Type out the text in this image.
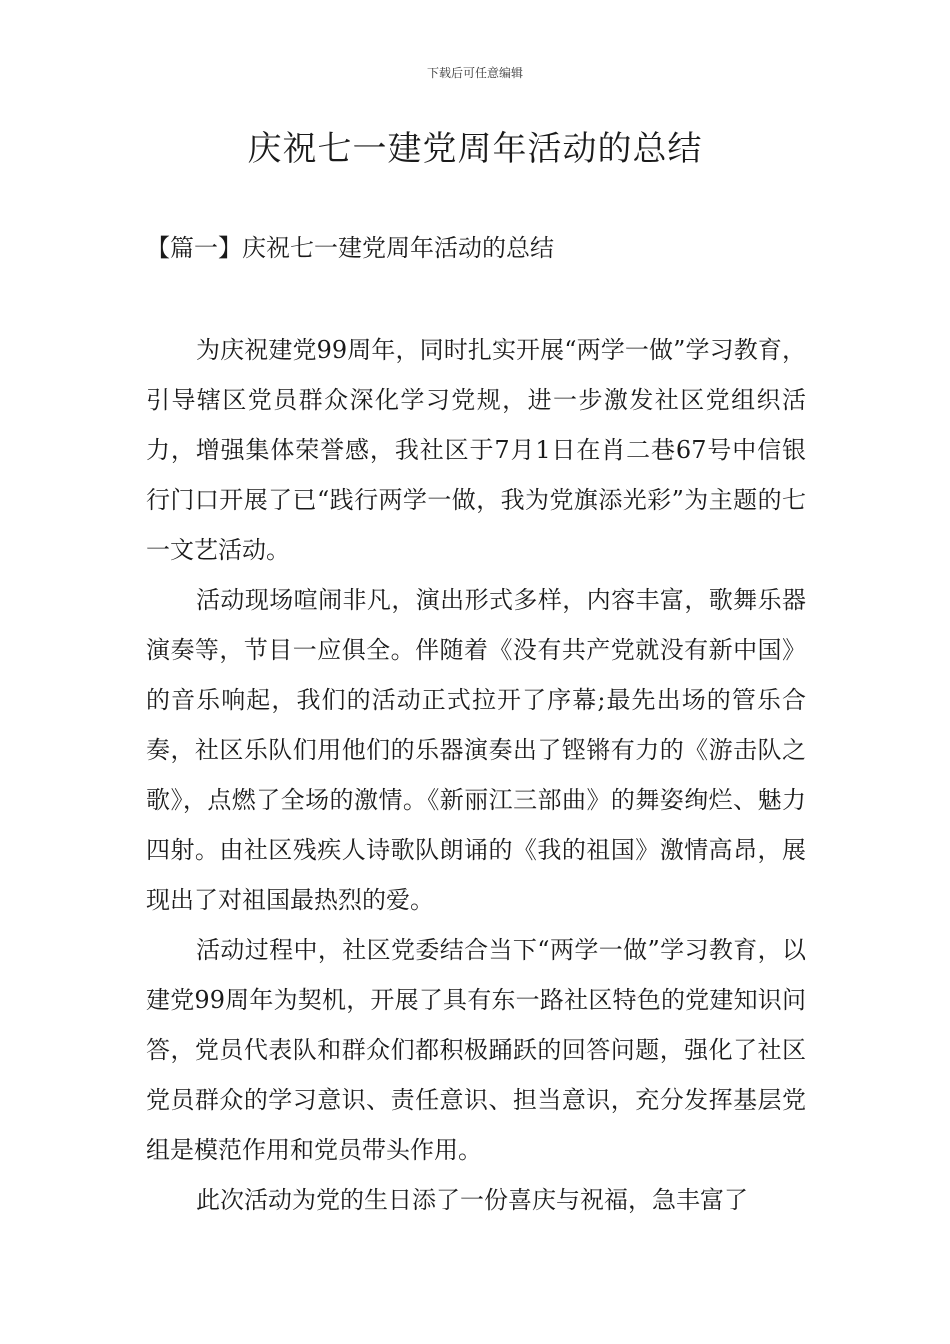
下载后可任意编辑
庆祝七一建党周年活动的总结
【篇一】庆祝七一建党周年活动的总结

为庆祝建党99周年，同时扎实开展“两学一做”学习教育，引导辖区党员群众深化学习党规，进一步激发社区党组织活力，增强集体荣誉感，我社区于7月1日在肖二巷67号中信银行门口开展了已“践行两学一做，我为党旗添光彩”为主题的七一文艺活动。

活动现场喧闹非凡，演出形式多样，内容丰富，歌舞乐器演奏等，节目一应俱全。伴随着《没有共产党就没有新中国》的音乐响起，我们的活动正式拉开了序幕;最先出场的管乐合奏，社区乐队们用他们的乐器演奏出了铿锵有力的《游击队之歌》，点燃了全场的激情。《新丽江三部曲》的舞姿绚烂、魅力四射。由社区残疾人诗歌队朗诵的《我的祖国》激情高昂，展现出了对祖国最热烈的爱。

活动过程中，社区党委结合当下“两学一做”学习教育，以建党99周年为契机，开展了具有东一路社区特色的党建知识问答，党员代表队和群众们都积极踊跃的回答问题，强化了社区党员群众的学习意识、责任意识、担当意识，充分发挥基层党组是模范作用和党员带头作用。

此次活动为党的生日添了一份喜庆与祝福，急丰富了
